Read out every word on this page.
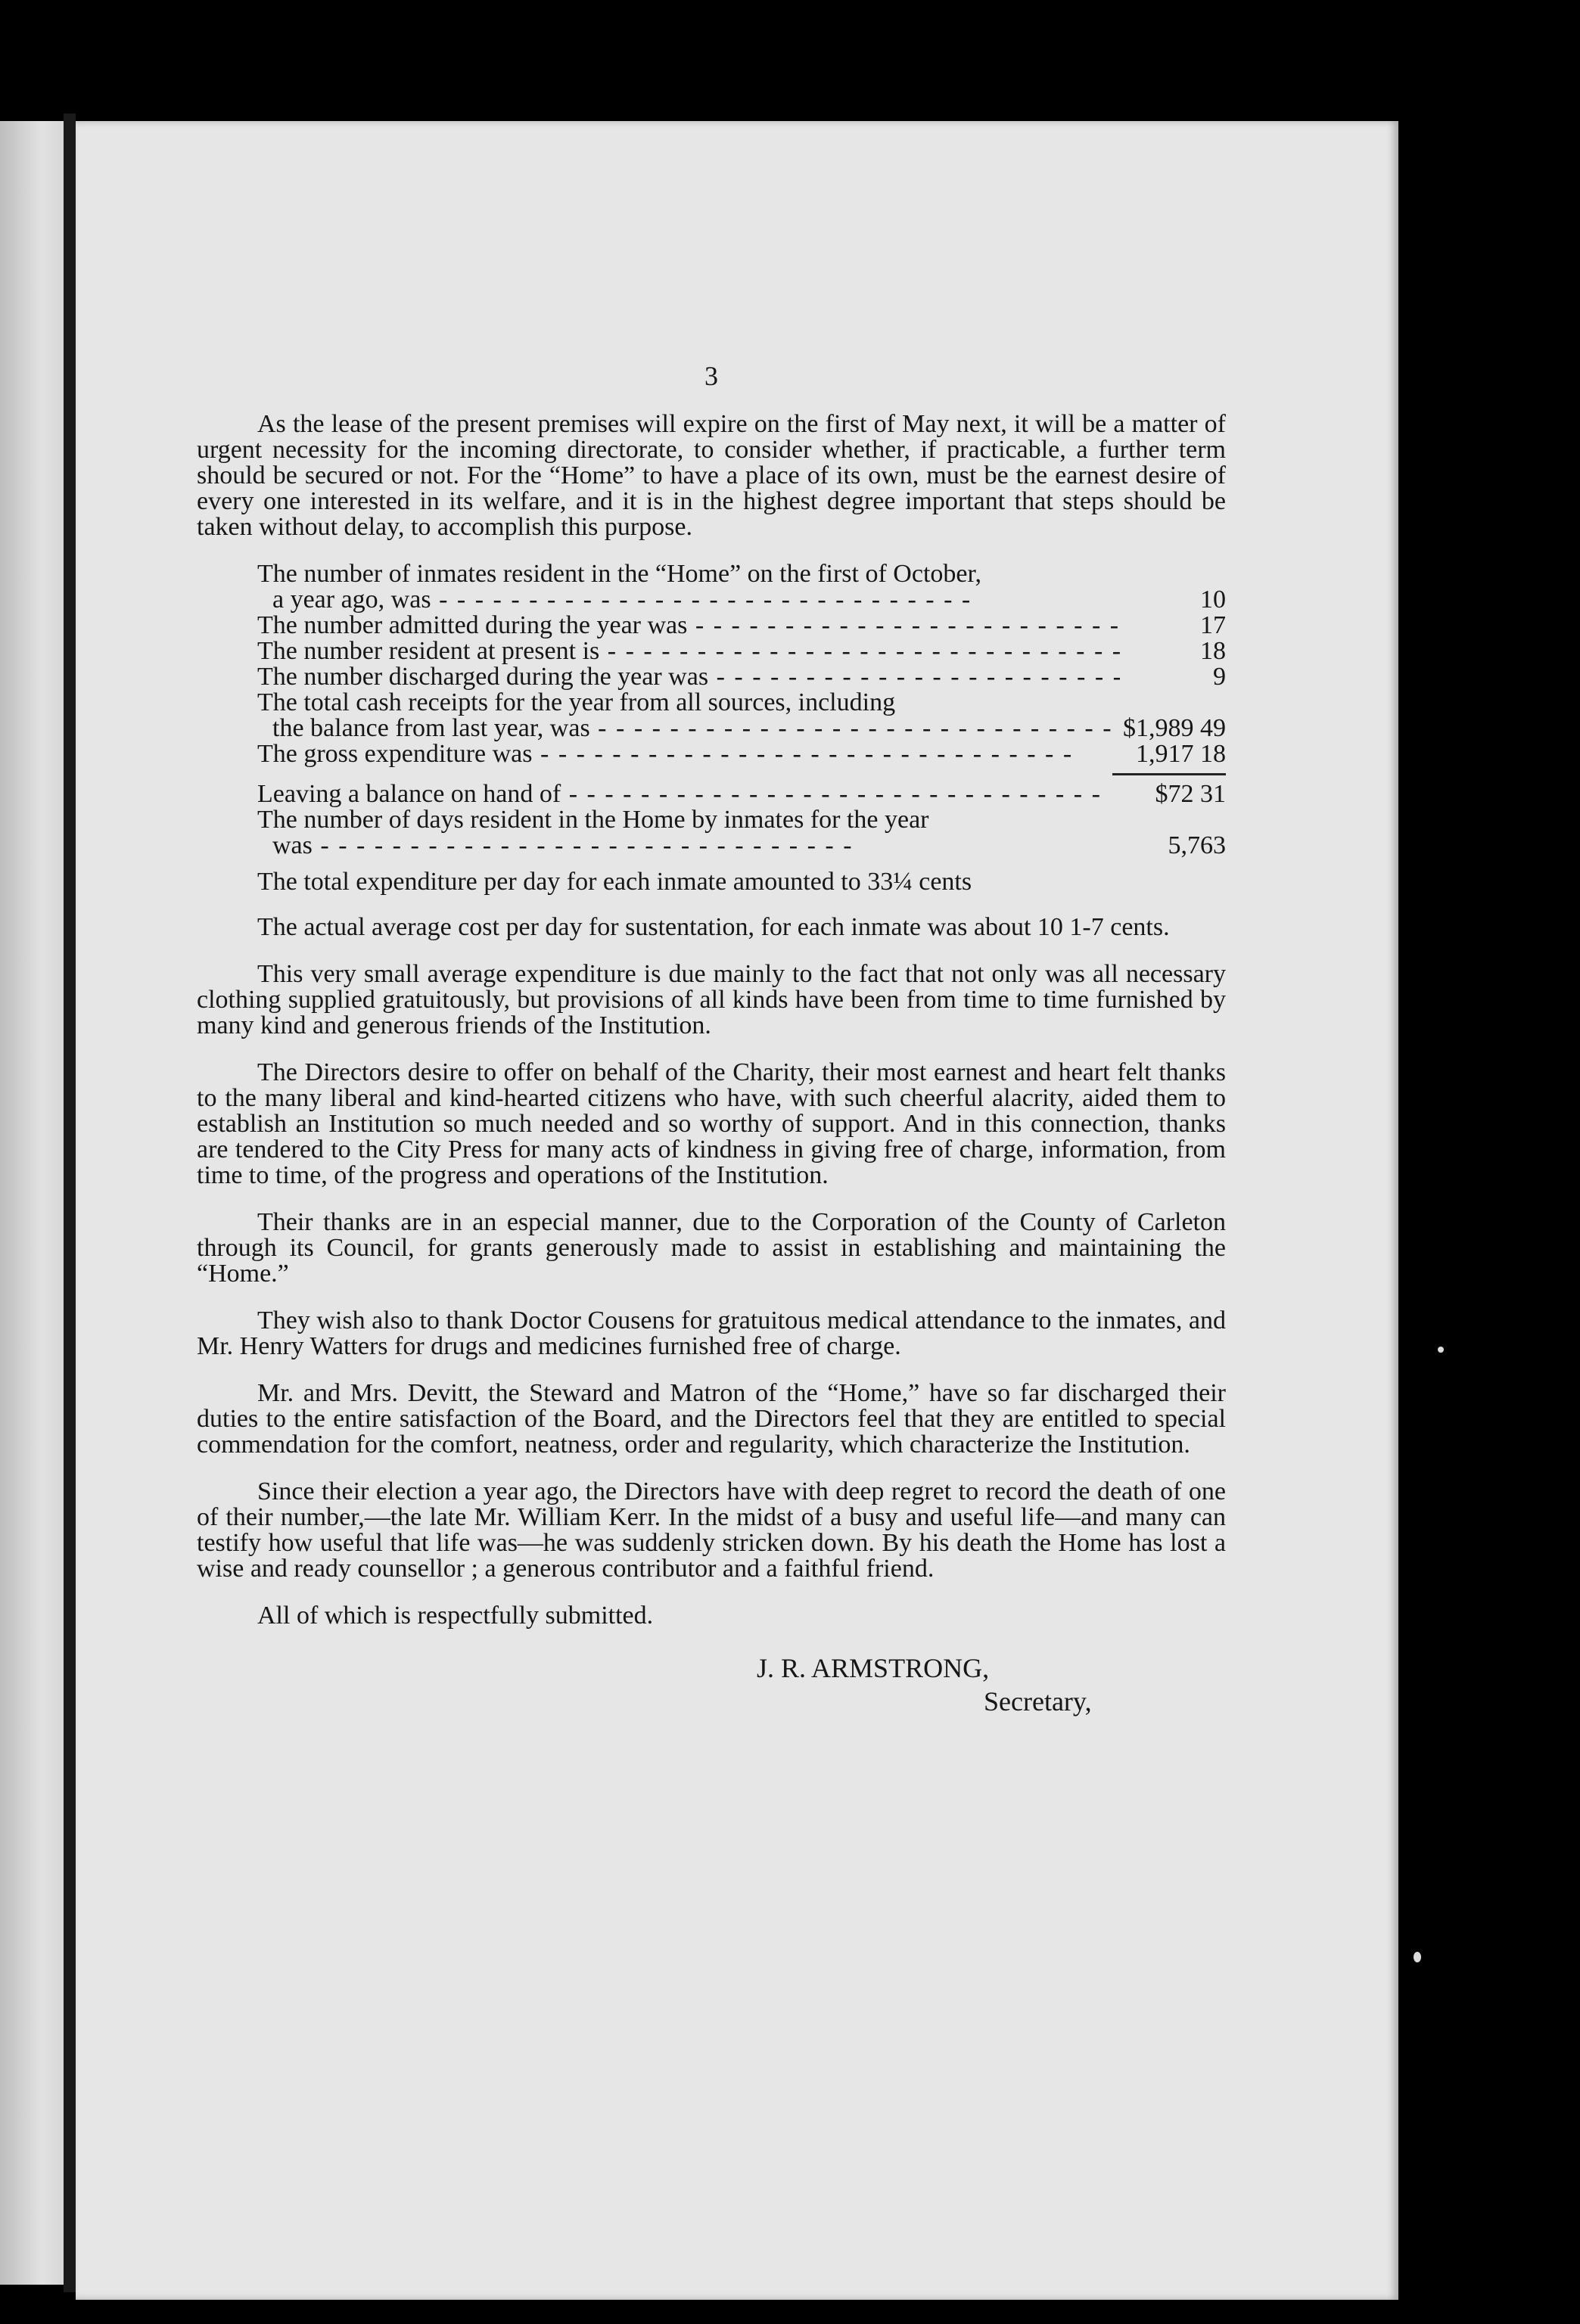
3

As the lease of the present premises will expire on the first of May next, it will be a matter of urgent necessity for the incoming directorate, to consider whether, if practicable, a further term should be secured or not. For the “Home” to have a place of its own, must be the earnest desire of every one interested in its welfare, and it is in the highest degree important that steps should be taken without delay, to accomplish this purpose.

The number of inmates resident in the “Home” on the first of October,
a year ago, was - -	10
The number admitted during the year was - -	17
The number resident at present is - -	18
The number discharged during the year was - -	9
The total cash receipts for the year from all sources, including
the balance from last year, was - -	$1,989 49
The gross expenditure was - -	1,917 18
Leaving a balance on hand of - -	$72 31
The number of days resident in the Home by inmates for the year
was - -	5,763
The total expenditure per day for each inmate amounted to 33¼ cents

The actual average cost per day for sustentation, for each inmate was about 10 1-7 cents.

This very small average expenditure is due mainly to the fact that not only was all necessary clothing supplied gratuitously, but provisions of all kinds have been from time to time furnished by many kind and generous friends of the Institution.

The Directors desire to offer on behalf of the Charity, their most earnest and heart felt thanks to the many liberal and kind-hearted citizens who have, with such cheerful alacrity, aided them to establish an Institution so much needed and so worthy of support. And in this connection, thanks are tendered to the City Press for many acts of kindness in giving free of charge, information, from time to time, of the progress and operations of the Institution.

Their thanks are in an especial manner, due to the Corporation of the County of Carleton through its Council, for grants generously made to assist in establishing and maintaining the “Home.”

They wish also to thank Doctor Cousens for gratuitous medical attendance to the inmates, and Mr. Henry Watters for drugs and medicines furnished free of charge.

Mr. and Mrs. Devitt, the Steward and Matron of the “Home,” have so far discharged their duties to the entire satisfaction of the Board, and the Directors feel that they are entitled to special commendation for the comfort, neatness, order and regularity, which characterize the Institution.

Since their election a year ago, the Directors have with deep regret to record the death of one of their number,—the late Mr. William Kerr. In the midst of a busy and useful life—and many can testify how useful that life was—he was suddenly stricken down. By his death the Home has lost a wise and ready counsellor ; a generous contributor and a faithful friend.

All of which is respectfully submitted.

J. R. ARMSTRONG,
Secretary,
